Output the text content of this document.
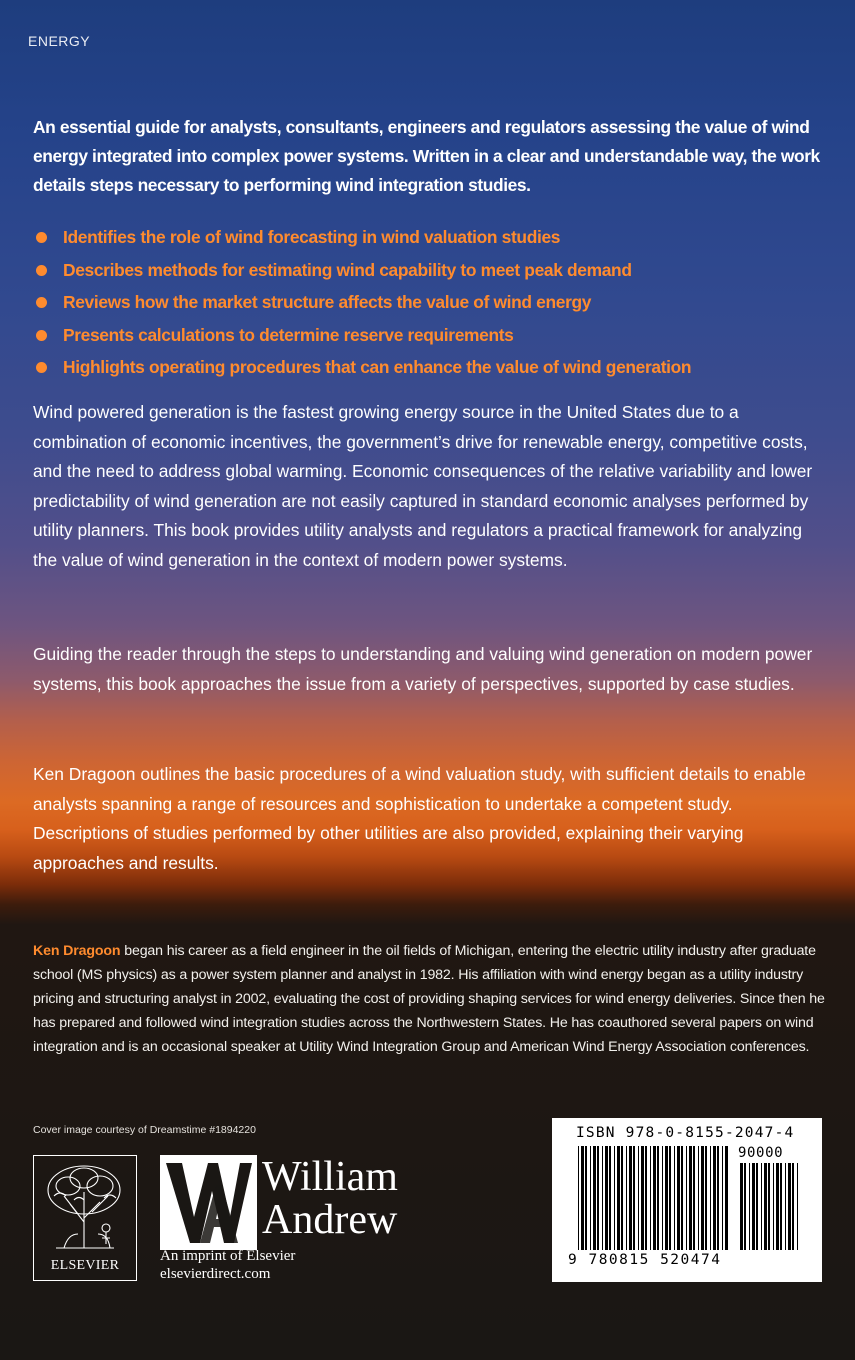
ENERGY
An essential guide for analysts, consultants, engineers and regulators assessing the value of wind energy integrated into complex power systems. Written in a clear and understandable way, the work details steps necessary to performing wind integration studies.
Identifies the role of wind forecasting in wind valuation studies
Describes methods for estimating wind capability to meet peak demand
Reviews how the market structure affects the value of wind energy
Presents calculations to determine reserve requirements
Highlights operating procedures that can enhance the value of wind generation
Wind powered generation is the fastest growing energy source in the United States due to a combination of economic incentives, the government’s drive for renewable energy, competitive costs, and the need to address global warming. Economic consequences of the relative variability and lower predictability of wind generation are not easily captured in standard economic analyses performed by utility planners. This book provides utility analysts and regulators a practical framework for analyzing the value of wind generation in the context of modern power systems.
Guiding the reader through the steps to understanding and valuing wind generation on modern power systems, this book approaches the issue from a variety of perspectives, supported by case studies.
Ken Dragoon outlines the basic procedures of a wind valuation study, with sufficient details to enable analysts spanning a range of resources and sophistication to undertake a competent study. Descriptions of studies performed by other utilities are also provided, explaining their varying approaches and results.
Ken Dragoon began his career as a field engineer in the oil fields of Michigan, entering the electric utility industry after graduate school (MS physics) as a power system planner and analyst in 1982. His affiliation with wind energy began as a utility industry pricing and structuring analyst in 2002, evaluating the cost of providing shaping services for wind energy deliveries. Since then he has prepared and followed wind integration studies across the Northwestern States. He has coauthored several papers on wind integration and is an occasional speaker at Utility Wind Integration Group and American Wind Energy Association conferences.
Cover image courtesy of Dreamstime #1894220
ELSEVIER
William
Andrew
An imprint of Elsevier
elsevierdirect.com
ISBN 978-0-8155-2047-4
90000
9 780815 520474
